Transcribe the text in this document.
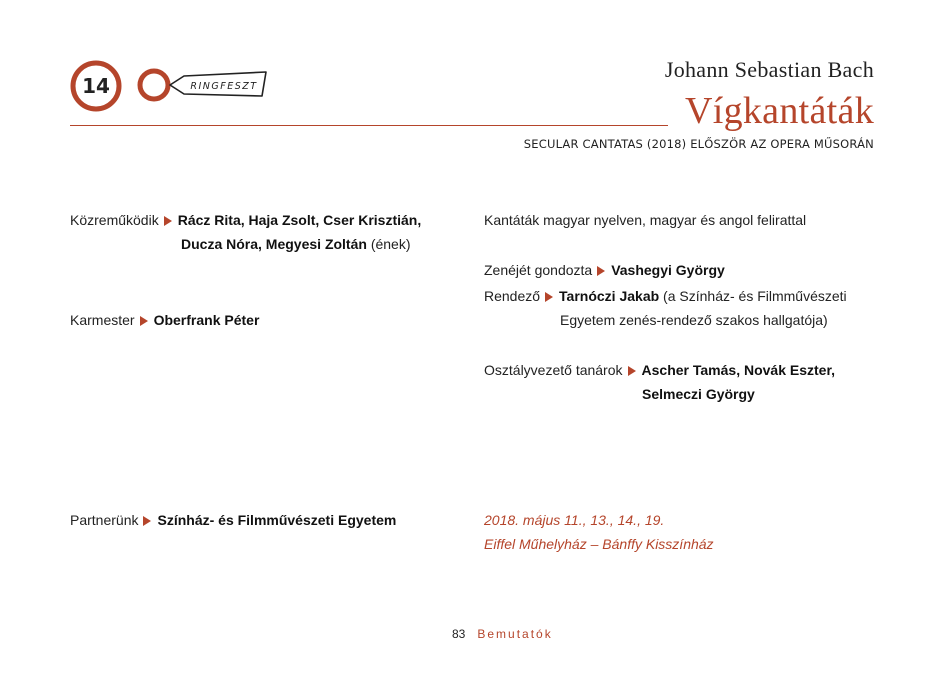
14	RINGFESZT
Johann Sebastian Bach
Vígkantáták
SECULAR CANTATAS (2018) ELŐSZÖR AZ OPERA MŰSORÁN
Közreműködik Rácz Rita, Haja Zsolt, Cser Krisztián,
Ducza Nóra, Megyesi Zoltán (ének)
Karmester Oberfrank Péter
Partnerünk Színház- és Filmművészeti Egyetem
Kantáták magyar nyelven, magyar és angol felirattal
Zenéjét gondozta Vashegyi György
Rendező Tarnóczi Jakab (a Színház- és Filmművészeti
Egyetem zenés-rendező szakos hallgatója)
Osztályvezető tanárok Ascher Tamás, Novák Eszter,
Selmeczi György
2018. május 11., 13., 14., 19.
Eiffel Műhelyház – Bánffy Kisszínház
83 Bemutatók
